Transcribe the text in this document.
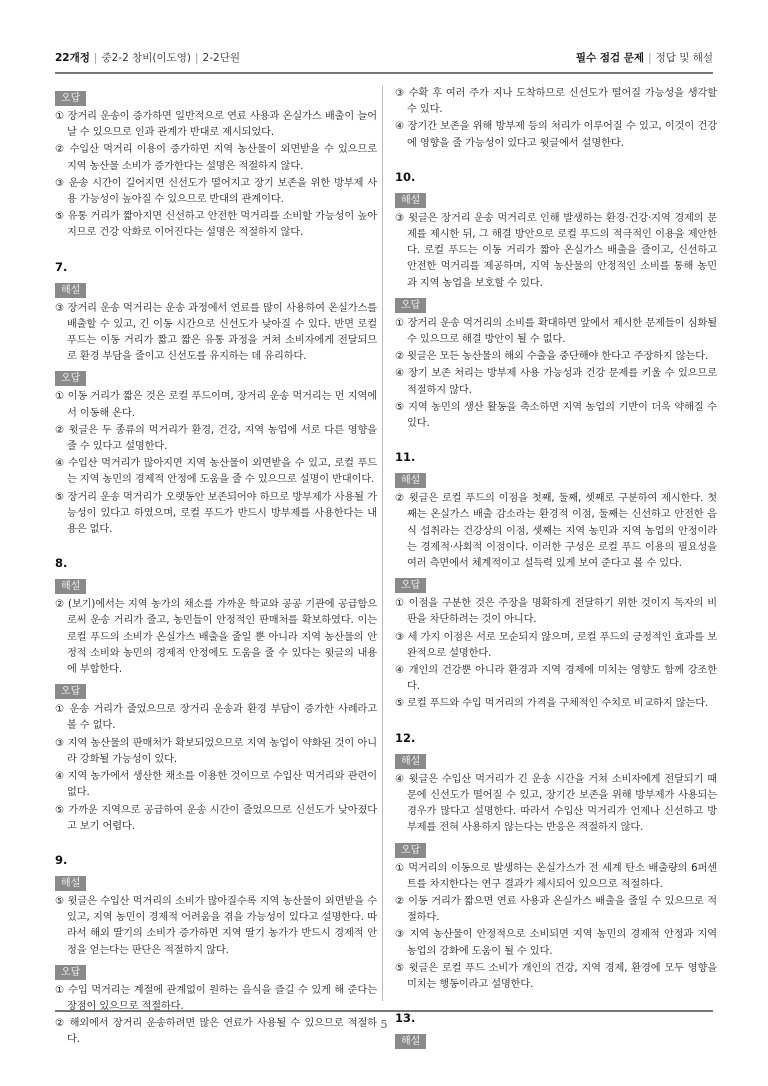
22개정 | 중2-2 창비(이도영) | 2-2단원	필수 점검 문제 | 정답 및 해설
오답
① 장거리 운송이 증가하면 일반적으로 연료 사용과 온실가스 배출이 늘어날 수 있으므로 인과 관계가 반대로 제시되었다.
② 수입산 먹거리 이용이 증가하면 지역 농산물이 외면받을 수 있으므로 지역 농산물 소비가 증가한다는 설명은 적절하지 않다.
③ 운송 시간이 길어지면 신선도가 떨어지고 장기 보존을 위한 방부제 사용 가능성이 높아질 수 있으므로 반대의 관계이다.
⑤ 유통 거리가 짧아지면 신선하고 안전한 먹거리를 소비할 가능성이 높아지므로 건강 악화로 이어진다는 설명은 적절하지 않다.
7.
해설
③ 장거리 운송 먹거리는 운송 과정에서 연료를 많이 사용하여 온실가스를 배출할 수 있고, 긴 이동 시간으로 신선도가 낮아질 수 있다. 반면 로컬 푸드는 이동 거리가 짧고 짧은 유통 과정을 거쳐 소비자에게 전달되므로 환경 부담을 줄이고 신선도를 유지하는 데 유리하다.
오답
① 이동 거리가 짧은 것은 로컬 푸드이며, 장거리 운송 먹거리는 먼 지역에서 이동해 온다.
② 윗글은 두 종류의 먹거리가 환경, 건강, 지역 농업에 서로 다른 영향을 줄 수 있다고 설명한다.
④ 수입산 먹거리가 많아지면 지역 농산물이 외면받을 수 있고, 로컬 푸드는 지역 농민의 경제적 안정에 도움을 줄 수 있으므로 설명이 반대이다.
⑤ 장거리 운송 먹거리가 오랫동안 보존되어야 하므로 방부제가 사용될 가능성이 있다고 하였으며, 로컬 푸드가 반드시 방부제를 사용한다는 내용은 없다.
8.
해설
② (보기)에서는 지역 농가의 채소를 가까운 학교와 공공 기관에 공급함으로써 운송 거리가 줄고, 농민들이 안정적인 판매처를 확보하였다. 이는 로컬 푸드의 소비가 온실가스 배출을 줄일 뿐 아니라 지역 농산물의 안정적 소비와 농민의 경제적 안정에도 도움을 줄 수 있다는 윗글의 내용에 부합한다.
오답
① 운송 거리가 줄었으므로 장거리 운송과 환경 부담이 증가한 사례라고 볼 수 없다.
③ 지역 농산물의 판매처가 확보되었으므로 지역 농업이 약화된 것이 아니라 강화될 가능성이 있다.
④ 지역 농가에서 생산한 채소를 이용한 것이므로 수입산 먹거리와 관련이 없다.
⑤ 가까운 지역으로 공급하여 운송 시간이 줄었으므로 신선도가 낮아졌다고 보기 어렵다.
9.
해설
⑤ 윗글은 수입산 먹거리의 소비가 많아질수록 지역 농산물이 외면받을 수 있고, 지역 농민이 경제적 어려움을 겪을 가능성이 있다고 설명한다. 따라서 해외 딸기의 소비가 증가하면 지역 딸기 농가가 반드시 경제적 안정을 얻는다는 판단은 적절하지 않다.
오답
① 수입 먹거리는 계절에 관계없이 원하는 음식을 즐길 수 있게 해 준다는 장점이 있으므로 적절하다.
② 해외에서 장거리 운송하려면 많은 연료가 사용될 수 있으므로 적절하다.
③ 수확 후 여러 주가 지나 도착하므로 신선도가 떨어질 가능성을 생각할 수 있다.
④ 장기간 보존을 위해 방부제 등의 처리가 이루어질 수 있고, 이것이 건강에 영향을 줄 가능성이 있다고 윗글에서 설명한다.
10.
해설
③ 윗글은 장거리 운송 먹거리로 인해 발생하는 환경·건강·지역 경제의 문제를 제시한 뒤, 그 해결 방안으로 로컬 푸드의 적극적인 이용을 제안한다. 로컬 푸드는 이동 거리가 짧아 온실가스 배출을 줄이고, 신선하고 안전한 먹거리를 제공하며, 지역 농산물의 안정적인 소비를 통해 농민과 지역 농업을 보호할 수 있다.
오답
① 장거리 운송 먹거리의 소비를 확대하면 앞에서 제시한 문제들이 심화될 수 있으므로 해결 방안이 될 수 없다.
② 윗글은 모든 농산물의 해외 수출을 중단해야 한다고 주장하지 않는다.
④ 장기 보존 처리는 방부제 사용 가능성과 건강 문제를 키울 수 있으므로 적절하지 않다.
⑤ 지역 농민의 생산 활동을 축소하면 지역 농업의 기반이 더욱 약해질 수 있다.
11.
해설
② 윗글은 로컬 푸드의 이점을 첫째, 둘째, 셋째로 구분하여 제시한다. 첫째는 온실가스 배출 감소라는 환경적 이점, 둘째는 신선하고 안전한 음식 섭취라는 건강상의 이점, 셋째는 지역 농민과 지역 농업의 안정이라는 경제적·사회적 이점이다. 이러한 구성은 로컬 푸드 이용의 필요성을 여러 측면에서 체계적이고 설득력 있게 보여 준다고 볼 수 있다.
오답
① 이점을 구분한 것은 주장을 명확하게 전달하기 위한 것이지 독자의 비판을 차단하려는 것이 아니다.
③ 세 가지 이점은 서로 모순되지 않으며, 로컬 푸드의 긍정적인 효과를 보완적으로 설명한다.
④ 개인의 건강뿐 아니라 환경과 지역 경제에 미치는 영향도 함께 강조한다.
⑤ 로컬 푸드와 수입 먹거리의 가격을 구체적인 수치로 비교하지 않는다.
12.
해설
④ 윗글은 수입산 먹거리가 긴 운송 시간을 거쳐 소비자에게 전달되기 때문에 신선도가 떨어질 수 있고, 장기간 보존을 위해 방부제가 사용되는 경우가 많다고 설명한다. 따라서 수입산 먹거리가 언제나 신선하고 방부제를 전혀 사용하지 않는다는 반응은 적절하지 않다.
오답
① 먹거리의 이동으로 발생하는 온실가스가 전 세계 탄소 배출량의 6퍼센트를 차지한다는 연구 결과가 제시되어 있으므로 적절하다.
② 이동 거리가 짧으면 연료 사용과 온실가스 배출을 줄일 수 있으므로 적절하다.
③ 지역 농산물이 안정적으로 소비되면 지역 농민의 경제적 안정과 지역 농업의 강화에 도움이 될 수 있다.
⑤ 윗글은 로컬 푸드 소비가 개인의 건강, 지역 경제, 환경에 모두 영향을 미치는 행동이라고 설명한다.
13.
해설
5
